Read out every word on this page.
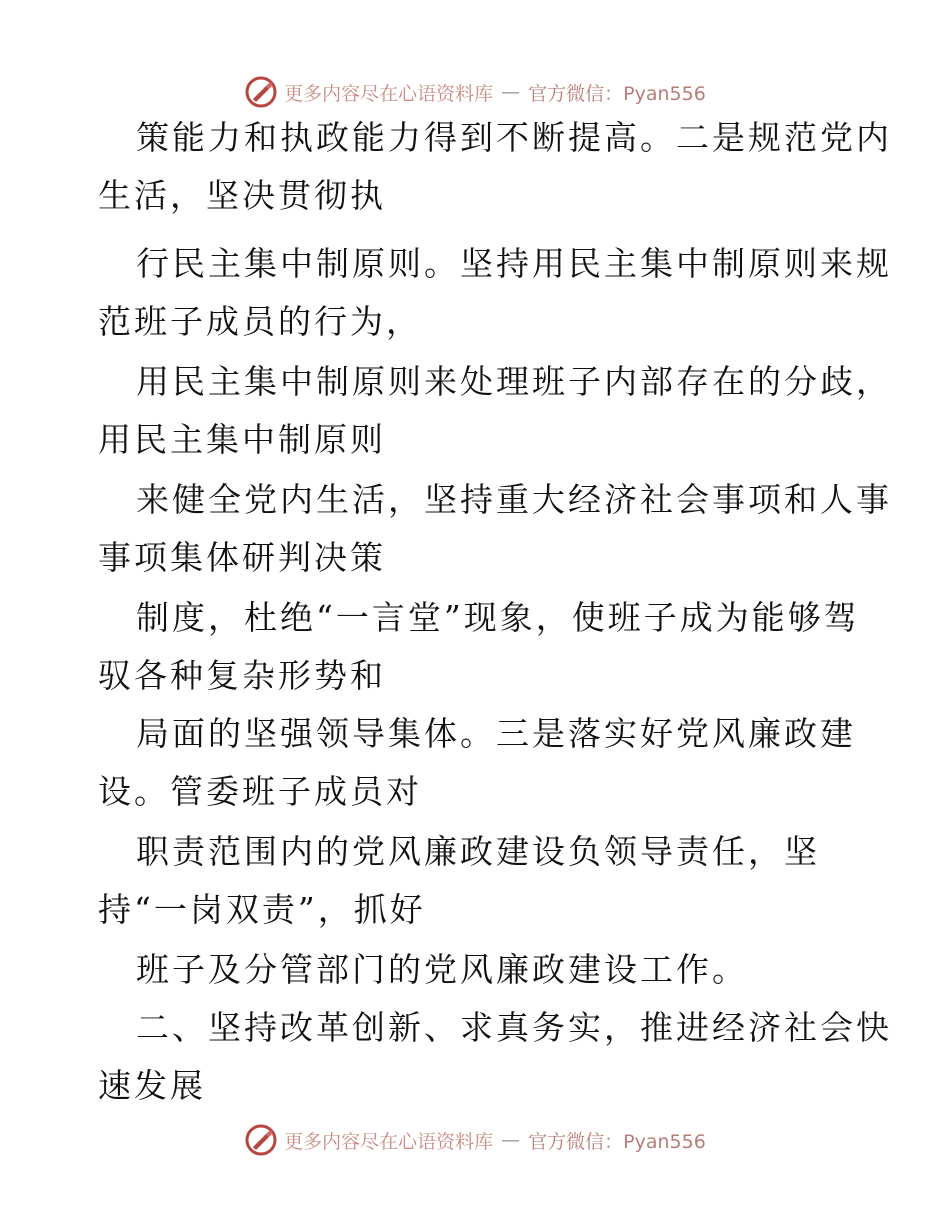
更多内容尽在心语资料库 — 官方微信：Pyan556
策能力和执政能力得到不断提高。二是规范党内
生活，坚决贯彻执
行民主集中制原则。坚持用民主集中制原则来规
范班子成员的行为，
用民主集中制原则来处理班子内部存在的分歧，
用民主集中制原则
来健全党内生活，坚持重大经济社会事项和人事
事项集体研判决策
制度，杜绝“一言堂”现象，使班子成为能够驾
驭各种复杂形势和
局面的坚强领导集体。三是落实好党风廉政建
设。管委班子成员对
职责范围内的党风廉政建设负领导责任，坚
持“一岗双责”，抓好
班子及分管部门的党风廉政建设工作。
二、坚持改革创新、求真务实，推进经济社会快
速发展
更多内容尽在心语资料库 — 官方微信：Pyan556
